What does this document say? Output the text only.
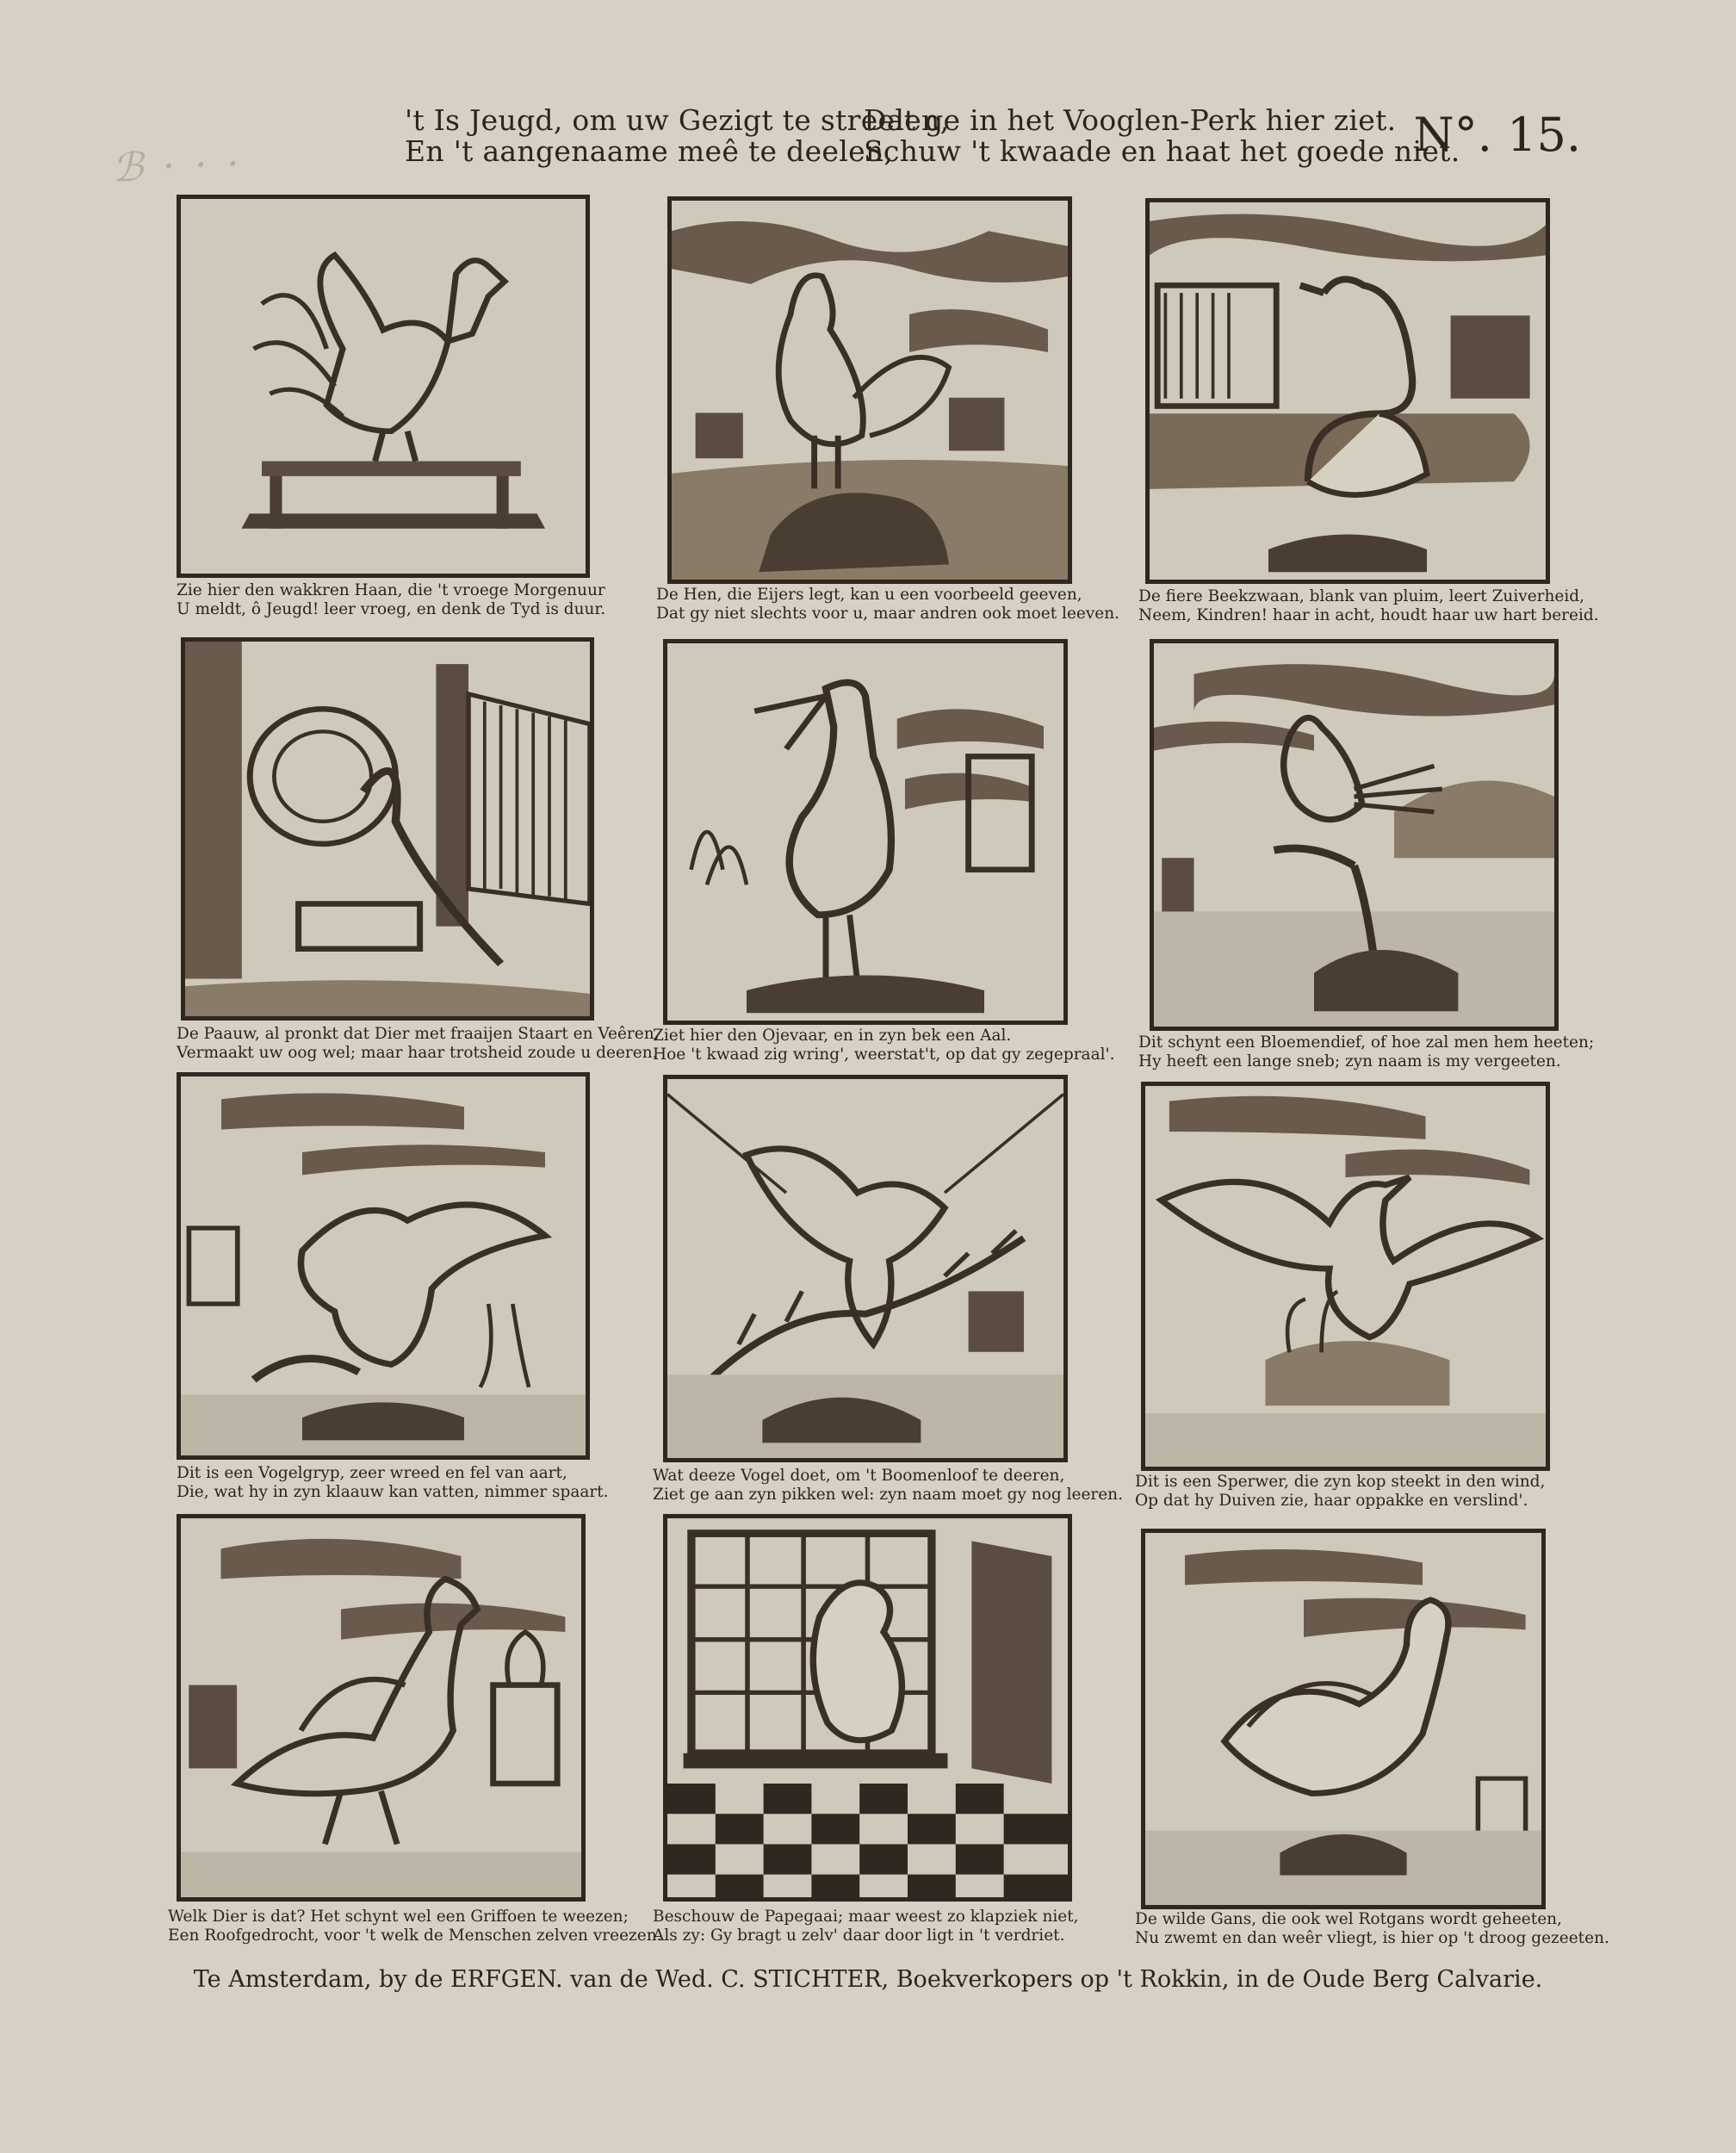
ℬ · · ·
't Is Jeugd, om uw Gezigt te streelen,
En 't aangenaame meê te deelen,
Dat ge in het Vooglen-Perk hier ziet.
Schuw 't kwaade en haat het goede niet.
N°. 15.
Zie hier den wakkren Haan, die 't vroege Morgenuur
U meldt, ô Jeugd! leer vroeg, en denk de Tyd is duur.
De Hen, die Eijers legt, kan u een voorbeeld geeven,
Dat gy niet slechts voor u, maar andren ook moet leeven.
De fiere Beekzwaan, blank van pluim, leert Zuiverheid,
Neem, Kindren! haar in acht, houdt haar uw hart bereid.
De Paauw, al pronkt dat Dier met fraaijen Staart en Veêren,
Vermaakt uw oog wel; maar haar trotsheid zoude u deeren.
Ziet hier den Ojevaar, en in zyn bek een Aal.
Hoe 't kwaad zig wring', weerstat't, op dat gy zegepraal'.
Dit schynt een Bloemendief, of hoe zal men hem heeten;
Hy heeft een lange sneb; zyn naam is my vergeeten.
Dit is een Vogelgryp, zeer wreed en fel van aart,
Die, wat hy in zyn klaauw kan vatten, nimmer spaart.
Wat deeze Vogel doet, om 't Boomenloof te deeren,
Ziet ge aan zyn pikken wel: zyn naam moet gy nog leeren.
Dit is een Sperwer, die zyn kop steekt in den wind,
Op dat hy Duiven zie, haar oppakke en verslind'.
Welk Dier is dat? Het schynt wel een Griffoen te weezen;
Een Roofgedrocht, voor 't welk de Menschen zelven vreezen.
Beschouw de Papegaai; maar weest zo klapziek niet,
Als zy: Gy bragt u zelv' daar door ligt in 't verdriet.
De wilde Gans, die ook wel Rotgans wordt geheeten,
Nu zwemt en dan weêr vliegt, is hier op 't droog gezeeten.
Te Amsterdam, by de ERFGEN. van de Wed. C. STICHTER, Boekverkopers op 't Rokkin, in de Oude Berg Calvarie.
